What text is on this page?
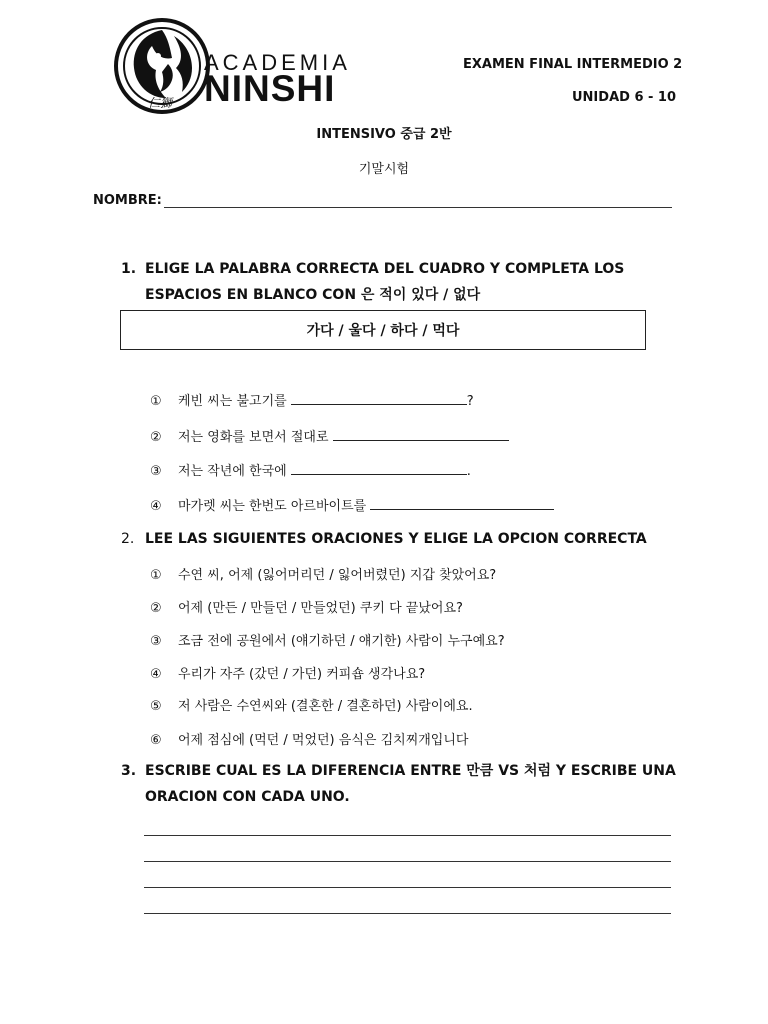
ACADEMIA
NINSHI
仁獅
EXAMEN FINAL INTERMEDIO 2
UNIDAD 6 - 10
INTENSIVO 중급 2반
기말시험
NOMBRE:
1. ELIGE LA PALABRA CORRECTA DEL CUADRO Y COMPLETA LOS
ESPACIOS EN BLANCO CON 은 적이 있다 / 없다
가다 / 울다 / 하다 / 먹다
① 케빈 씨는 불고기를	?
② 저는 영화를 보면서 절대로
③ 저는 작년에 한국에	.
④ 마가렛 씨는 한번도 아르바이트를
2. LEE LAS SIGUIENTES ORACIONES Y ELIGE LA OPCION CORRECTA
① 수연 씨, 어제 (잃어머리던 / 잃어버렸던) 지갑 찾았어요?
② 어제 (만든 / 만들던 / 만들었던) 쿠키 다 끝났어요?
③ 조금 전에 공원에서 (얘기하던 / 얘기한) 사람이 누구예요?
④ 우리가 자주 (갔던 / 가던) 커피숍 생각나요?
⑤ 저 사람은 수연씨와 (결혼한 / 결혼하던) 사람이에요.
⑥ 어제 점심에 (먹던 / 먹었던) 음식은 김치찌개입니다
3. ESCRIBE CUAL ES LA DIFERENCIA ENTRE 만큼 VS 처럼 Y ESCRIBE UNA
ORACION CON CADA UNO.
